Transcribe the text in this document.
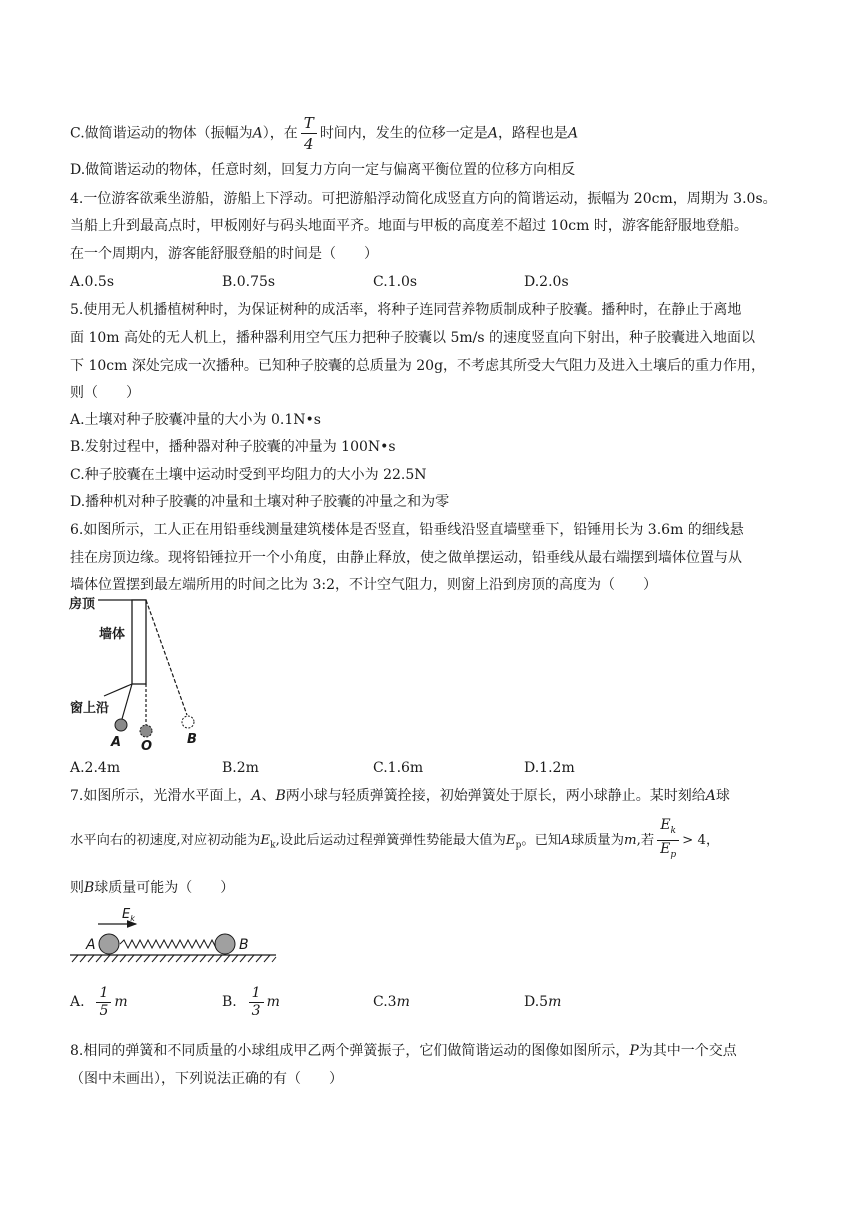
C.做简谐运动的物体（振幅为A），在 $\frac{T}{4}$ 时间内，发生的位移一定是A，路程也是A
D.做简谐运动的物体，任意时刻，回复力方向一定与偏离平衡位置的位移方向相反
4.一位游客欲乘坐游船，游船上下浮动。可把游船浮动简化成竖直方向的简谐运动，振幅为 20cm，周期为 3.0s。
当船上升到最高点时，甲板刚好与码头地面平齐。地面与甲板的高度差不超过 10cm 时，游客能舒服地登船。
在一个周期内，游客能舒服登船的时间是（　　）
A.0.5s	B.0.75s	C.1.0s	D.2.0s
5.使用无人机播植树种时，为保证树种的成活率，将种子连同营养物质制成种子胶囊。播种时，在静止于离地
面 10m 高处的无人机上，播种器利用空气压力把种子胶囊以 5m/s 的速度竖直向下射出，种子胶囊进入地面以
下 10cm 深处完成一次播种。已知种子胶囊的总质量为 20g，不考虑其所受大气阻力及进入土壤后的重力作用，
则（　　）
A.土壤对种子胶囊冲量的大小为 0.1N•s
B.发射过程中，播种器对种子胶囊的冲量为 100N•s
C.种子胶囊在土壤中运动时受到平均阻力的大小为 22.5N
D.播种机对种子胶囊的冲量和土壤对种子胶囊的冲量之和为零
6.如图所示，工人正在用铅垂线测量建筑楼体是否竖直，铅垂线沿竖直墙壁垂下，铅锤用长为 3.6m 的细线悬
挂在房顶边缘。现将铅锤拉开一个小角度，由静止释放，使之做单摆运动，铅垂线从最右端摆到墙体位置与从
墙体位置摆到最左端所用的时间之比为 3:2，不计空气阻力，则窗上沿到房顶的高度为（　　）
房顶
墙体
窗上沿
A O	B
A.2.4m	B.2m	C.1.6m	D.1.2m
7.如图所示，光滑水平面上，A、B两小球与轻质弹簧拴接，初始弹簧处于原长，两小球静止。某时刻给A球
水平向右的初速度,对应初动能为$E_k$,设此后运动过程弹簧弹性势能最大值为$E_p$。已知A球质量为m,若 $\frac{E_k}{E_p} > 4$，
则B球质量可能为（　　）
$E_k$
A	B
A. $\frac{1}{5}$ m	B. $\frac{1}{3}$ m	C.3m	D.5m
8.相同的弹簧和不同质量的小球组成甲乙两个弹簧振子，它们做简谐运动的图像如图所示，P为其中一个交点
（图中未画出），下列说法正确的有（　　）
